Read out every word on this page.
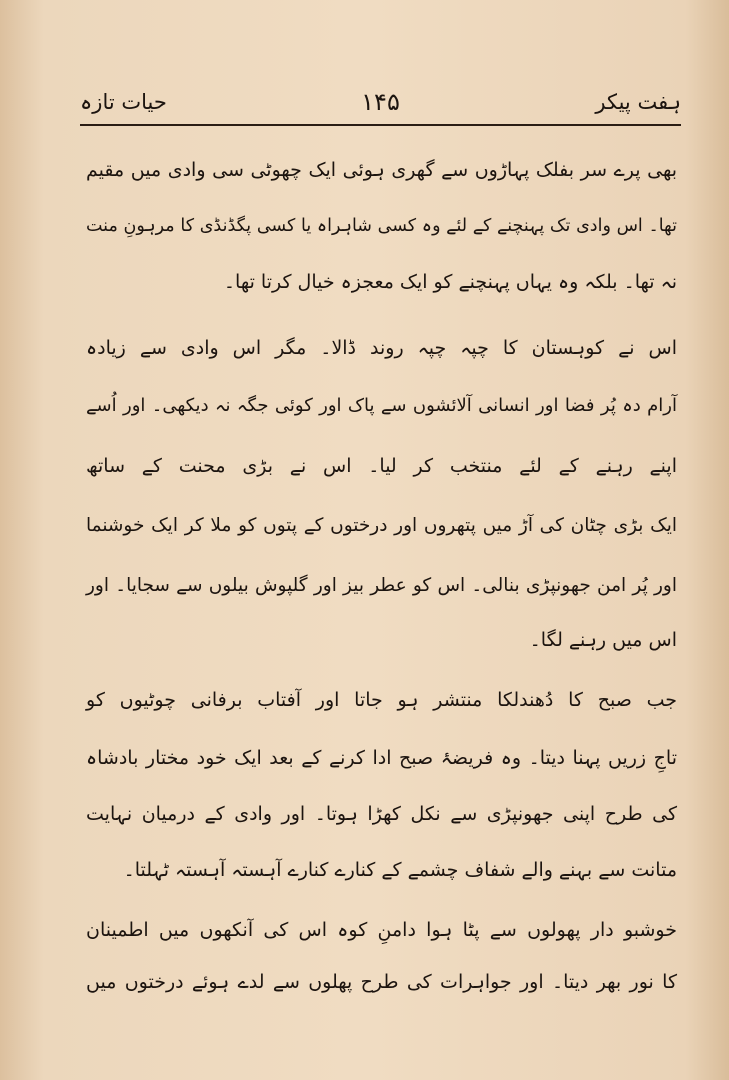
ہفت پیکر
۱۴۵
حیات تازہ
بھی پرے سر بفلک پہاڑوں سے گھری ہوئی ایک چھوٹی سی وادی میں مقیم
تھا۔ اس وادی تک پہنچنے کے لئے وہ کسی شاہراہ یا کسی پگڈنڈی کا مرہونِ منت
نہ تھا۔ بلکہ وہ یہاں پہنچنے کو ایک معجزہ خیال کرتا تھا۔
اس نے کوہستان کا چپہ چپہ روند ڈالا۔ مگر اس وادی سے زیادہ
آرام دہ پُر فضا اور انسانی آلائشوں سے پاک اور کوئی جگہ نہ دیکھی۔ اور اُسے
اپنے رہنے کے لئے منتخب کر لیا۔ اس نے بڑی محنت کے ساتھ
ایک بڑی چٹان کی آڑ میں پتھروں اور درختوں کے پتوں کو ملا کر ایک خوشنما
اور پُر امن جھونپڑی بنالی۔ اس کو عطر بیز اور گلپوش بیلوں سے سجایا۔ اور
اس میں رہنے لگا۔
جب صبح کا دُھندلکا منتشر ہو جاتا اور آفتاب برفانی چوٹیوں کو
تاجِ زریں پہنا دیتا۔ وہ فریضۂ صبح ادا کرنے کے بعد ایک خود مختار بادشاہ
کی طرح اپنی جھونپڑی سے نکل کھڑا ہوتا۔ اور وادی کے درمیان نہایت
متانت سے بہنے والے شفاف چشمے کے کنارے کنارے آہستہ آہستہ ٹہلتا۔
خوشبو دار پھولوں سے پٹا ہوا دامنِ کوہ اس کی آنکھوں میں اطمینان
کا نور بھر دیتا۔ اور جواہرات کی طرح پھلوں سے لدے ہوئے درختوں میں
